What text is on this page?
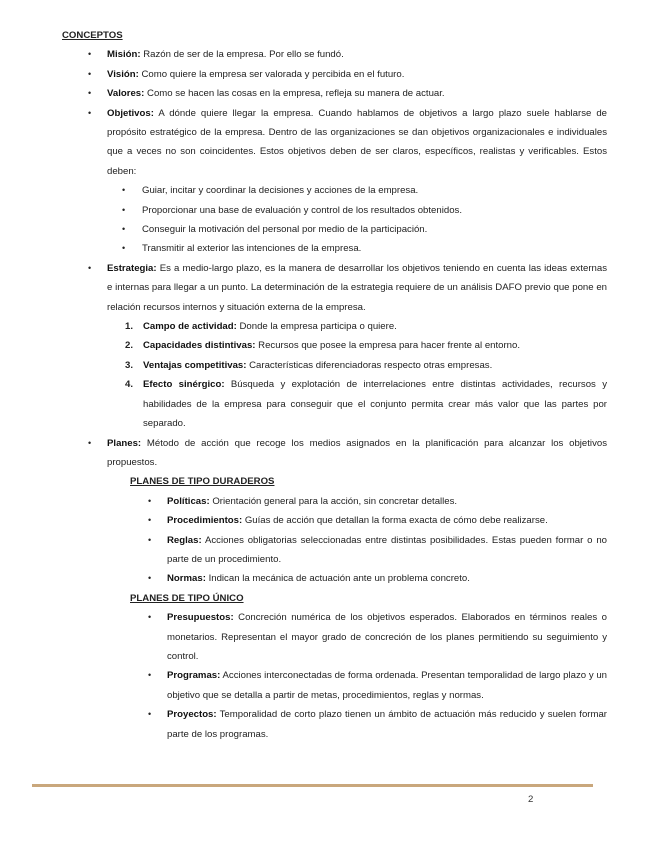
CONCEPTOS
• Misión: Razón de ser de la empresa. Por ello se fundó.
• Visión: Como quiere la empresa ser valorada y percibida en el futuro.
• Valores: Como se hacen las cosas en la empresa, refleja su manera de actuar.
• Objetivos: A dónde quiere llegar la empresa. Cuando hablamos de objetivos a largo plazo suele hablarse de propósito estratégico de la empresa. Dentro de las organizaciones se dan objetivos organizacionales e individuales que a veces no son coincidentes. Estos objetivos deben de ser claros, específicos, realistas y verificables. Estos deben:
• Guiar, incitar y coordinar la decisiones y acciones de la empresa.
• Proporcionar una base de evaluación y control de los resultados obtenidos.
• Conseguir la motivación del personal por medio de la participación.
• Transmitir al exterior las intenciones de la empresa.
• Estrategia: Es a medio-largo plazo, es la manera de desarrollar los objetivos teniendo en cuenta las ideas externas e internas para llegar a un punto. La determinación de la estrategia requiere de un análisis DAFO previo que pone en relación recursos internos y situación externa de la empresa.
1. Campo de actividad: Donde la empresa participa o quiere.
2. Capacidades distintivas: Recursos que posee la empresa para hacer frente al entorno.
3. Ventajas competitivas: Características diferenciadoras respecto otras empresas.
4. Efecto sinérgico: Búsqueda y explotación de interrelaciones entre distintas actividades, recursos y habilidades de la empresa para conseguir que el conjunto permita crear más valor que las partes por separado.
• Planes: Método de acción que recoge los medios asignados en la planificación para alcanzar los objetivos propuestos.
PLANES DE TIPO DURADEROS
• Políticas: Orientación general para la acción, sin concretar detalles.
• Procedimientos: Guías de acción que detallan la forma exacta de cómo debe realizarse.
• Reglas: Acciones obligatorias seleccionadas entre distintas posibilidades. Estas pueden formar o no parte de un procedimiento.
• Normas: Indican la mecánica de actuación ante un problema concreto.
PLANES DE TIPO ÚNICO
• Presupuestos: Concreción numérica de los objetivos esperados. Elaborados en términos reales o monetarios. Representan el mayor grado de concreción de los planes permitiendo su seguimiento y control.
• Programas: Acciones interconectadas de forma ordenada. Presentan temporalidad de largo plazo y un objetivo que se detalla a partir de metas, procedimientos, reglas y normas.
• Proyectos: Temporalidad de corto plazo tienen un ámbito de actuación más reducido y suelen formar parte de los programas.
2
